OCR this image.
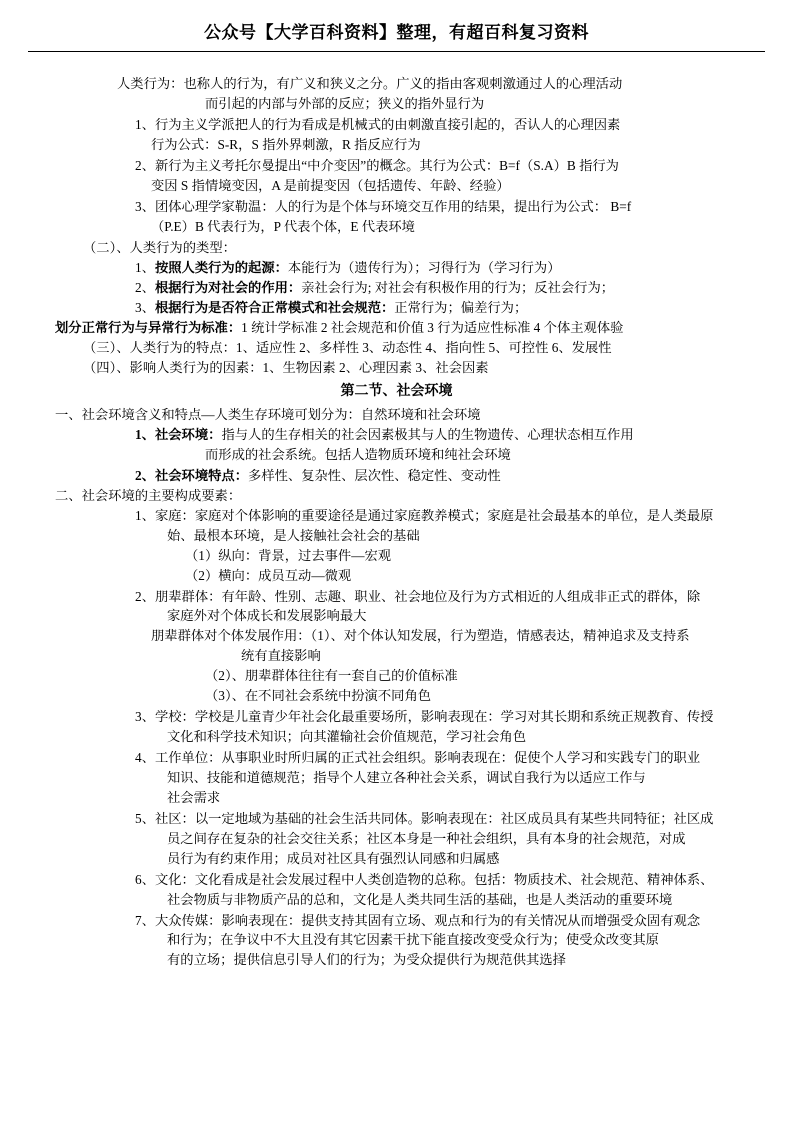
公众号【大学百科资料】整理，有超百科复习资料
人类行为：也称人的行为，有广义和狭义之分。广义的指由客观刺激通过人的心理活动
而引起的内部与外部的反应；狭义的指外显行为
1、行为主义学派把人的行为看成是机械式的由刺激直接引起的，否认人的心理因素
行为公式：S-R，S 指外界刺激，R 指反应行为
2、新行为主义考托尔曼提出“中介变因”的概念。其行为公式：B=f（S.A）B 指行为
变因 S 指情境变因，A 是前提变因（包括遗传、年龄、经验）
3、团体心理学家勒温：人的行为是个体与环境交互作用的结果，提出行为公式： B=f
（P.E）B 代表行为，P 代表个体，E 代表环境
（二）、人类行为的类型：
1、按照人类行为的起源：本能行为（遗传行为）；习得行为（学习行为）
2、根据行为对社会的作用：亲社会行为; 对社会有积极作用的行为；反社会行为；
3、根据行为是否符合正常模式和社会规范：正常行为；偏差行为；
划分正常行为与异常行为标准：1 统计学标准 2 社会规范和价值 3 行为适应性标准 4 个体主观体验
（三）、人类行为的特点：1、适应性 2、多样性 3、动态性 4、指向性 5、可控性 6、发展性
（四）、影响人类行为的因素：1、生物因素 2、心理因素 3、社会因素
第二节、社会环境
一、社会环境含义和特点—人类生存环境可划分为：自然环境和社会环境
1、社会环境：指与人的生存相关的社会因素极其与人的生物遗传、心理状态相互作用
而形成的社会系统。包括人造物质环境和纯社会环境
2、社会环境特点：多样性、复杂性、层次性、稳定性、变动性
二、社会环境的主要构成要素：
1、家庭：家庭对个体影响的重要途径是通过家庭教养模式；家庭是社会最基本的单位，是人类最原
始、最根本环境，是人接触社会社会的基础
（1）纵向：背景，过去事件—宏观
（2）横向：成员互动—微观
2、朋辈群体：有年龄、性别、志趣、职业、社会地位及行为方式相近的人组成非正式的群体，除
家庭外对个体成长和发展影响最大
朋辈群体对个体发展作用：（1）、对个体认知发展，行为塑造，情感表达，精神追求及支持系
统有直接影响
（2）、朋辈群体往往有一套自己的价值标准
（3）、在不同社会系统中扮演不同角色
3、学校：学校是儿童青少年社会化最重要场所，影响表现在：学习对其长期和系统正规教育、传授
文化和科学技术知识；向其灌输社会价值规范，学习社会角色
4、工作单位：从事职业时所归属的正式社会组织。影响表现在：促使个人学习和实践专门的职业
知识、技能和道德规范；指导个人建立各种社会关系，调试自我行为以适应工作与
社会需求
5、社区：以一定地域为基础的社会生活共同体。影响表现在：社区成员具有某些共同特征；社区成
员之间存在复杂的社会交往关系；社区本身是一种社会组织，具有本身的社会规范，对成
员行为有约束作用；成员对社区具有强烈认同感和归属感
6、文化：文化看成是社会发展过程中人类创造物的总称。包括：物质技术、社会规范、精神体系、
社会物质与非物质产品的总和，文化是人类共同生活的基础，也是人类活动的重要环境
7、大众传媒：影响表现在：提供支持其固有立场、观点和行为的有关情况从而增强受众固有观念
和行为；在争议中不大且没有其它因素干扰下能直接改变受众行为；使受众改变其原
有的立场；提供信息引导人们的行为；为受众提供行为规范供其选择
